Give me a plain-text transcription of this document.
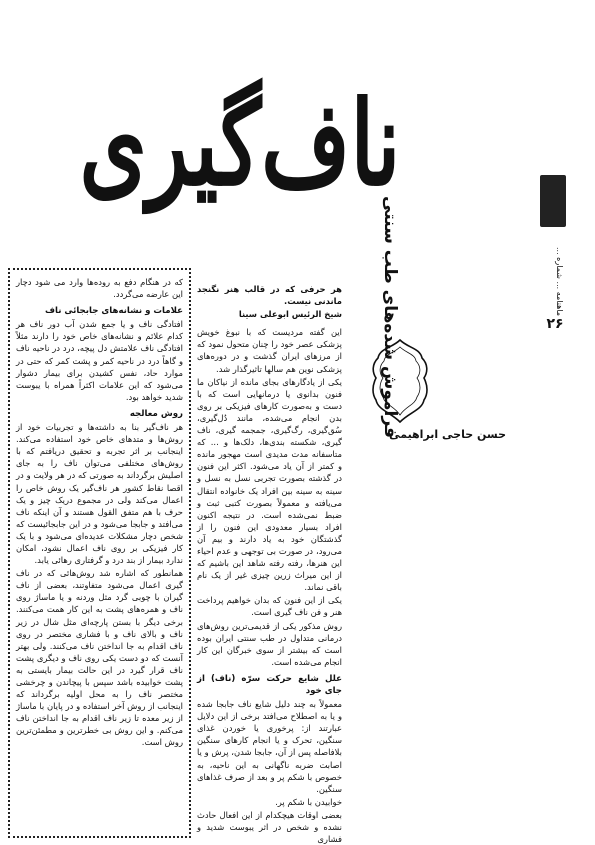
ناف‌گیری
فراموش شده‌های طب سنتی
حسن حاجی ابراهیمی
ماهنامه ... شماره ...
۲۶

هر حرفی که در قالب هنر نگنجد ماندنی نیست.

شیخ الرئیس ابوعلی سینا

این گفته مردیست که با نبوغ خویش پزشکی عصر خود را چنان متحول نمود که از مرزهای ایران گذشت و در دوره‌های پزشکی نوین هم سالها تاثیرگذار شد.

یکی از یادگارهای بجای مانده از نیاکان ما فنون بدانوی یا درمانهایی است که با دست و به‌صورت کارهای فیزیکی بر روی بدن انجام می‌شده، مانند دُل‌گیری، سُق‌گیری، رگ‌گیری، جمجمه گیری، ناف گیری، شکسته بندی‌ها، دلک‌ها و ... که متاسفانه مدت مدیدی است مهجور مانده و کمتر از آن یاد می‌شود. اکثر این فنون در گذشته بصورت تجربی نسل به نسل و سینه به سینه بین افراد یک خانواده انتقال می‌یافته و معمولاً بصورت کتبی ثبت و ضبط نمی‌شده است. در نتیجه اکنون افراد بسیار معدودی این فنون را از گذشتگان خود به یاد دارند و بیم آن می‌رود، در صورت بی توجهی و عدم احیاء این هنرها، رفته رفته شاهد این باشیم که از این میراث زرین چیزی غیر از یک نام باقی نماند.

یکی از این فنون که بدان خواهیم پرداخت هنر و فن ناف گیری است.

روش مذکور یکی از قدیمی‌ترین روش‌های درمانی متداول در طب سنتی ایران بوده است که بیشتر از سوی خبرگان این کار انجام می‌شده است.

علل شایع حرکت سرّه (ناف) از جای خود

معمولاً به چند دلیل شایع ناف جابجا شده و یا به اصطلاح می‌افتد برخی از این دلایل عبارتند از: پرخوری یا خوردن غذای سنگین، تحرک و یا انجام کارهای سنگین بلافاصله پس از آن، جابجا شدن، پرش و یا اصابت ضربه ناگهانی به این ناحیه، به خصوص با شکم پر و بعد از صرف غذاهای سنگین.

خوابیدن با شکم پر.

بعضی اوقات هیچکدام از این افعال حادث نشده و شخص در اثر یبوست شدید و فشاری

که در هنگام دفع به روده‌ها وارد می شود دچار این عارضه می‌گردد.

علامات و نشانه‌های جابجائی ناف

افتادگی ناف و یا جمع شدن آب دور ناف هر کدام علائم و نشانه‌های خاص خود را دارند مثلاً افتادگی ناف علامتش دل پیچه، درد در ناحیه ناف و گاهاً درد در ناحیه کمر و پشت کمر که حتی در موارد حاد، نفس کشیدن برای بیمار دشوار می‌شود که این علامات اکثراً همراه با یبوست شدید خواهد بود.

روش معالجه

هر ناف‌گیر بنا به داشته‌ها و تجربیات خود از روش‌ها و متدهای خاص خود استفاده می‌کند. اینجانب بر اثر تجربه و تحقیق دریافتم که با روش‌های مختلفی می‌توان ناف را به جای اصلیش برگرداند به صورتی که در هر ولایت و در اقصا نقاط کشور هر ناف‌گیر یک روش خاص را اعمال می‌کند ولی در مجموع دریک چیز و یک حرف با هم متفق القول هستند و آن اینکه ناف می‌افتد و جابجا می‌شود و در این جابجائیست که شخص دچار مشکلات عدیده‌ای می‌شود و با یک کار فیزیکی بر روی ناف اعمال نشود، امکان ندارد بیمار از بند درد و گرفتاری رهائی یابد.

همانطور که اشاره شد روش‌هائی که در ناف گیری اعمال می‌شود متفاوتند، بعضی از ناف گیران با چوبی گرد مثل وردنه و یا ماساژ روی ناف و همره‌های پشت به این کار همت می‌کنند. برخی دیگر با بستن پارچه‌ای مثل شال در زیر ناف و بالای ناف و با فشاری مختصر در روی ناف اقدام به جا انداختن ناف می‌کنند. ولی بهتر آنست که دو دست یکی روی ناف و دیگری پشت ناف قرار گیرد در این حالت بیمار بایستی به پشت خوابیده باشد سپس با پیچاندن و چرخشی مختصر ناف را به محل اولیه برگرداند که اینجانب از روش آخر استفاده و در پایان با ماساژ از زیر معده تا زیر ناف اقدام به جا انداختن ناف می‌کنم. و این روش بی خطرترین و مطمئن‌ترین روش است.
